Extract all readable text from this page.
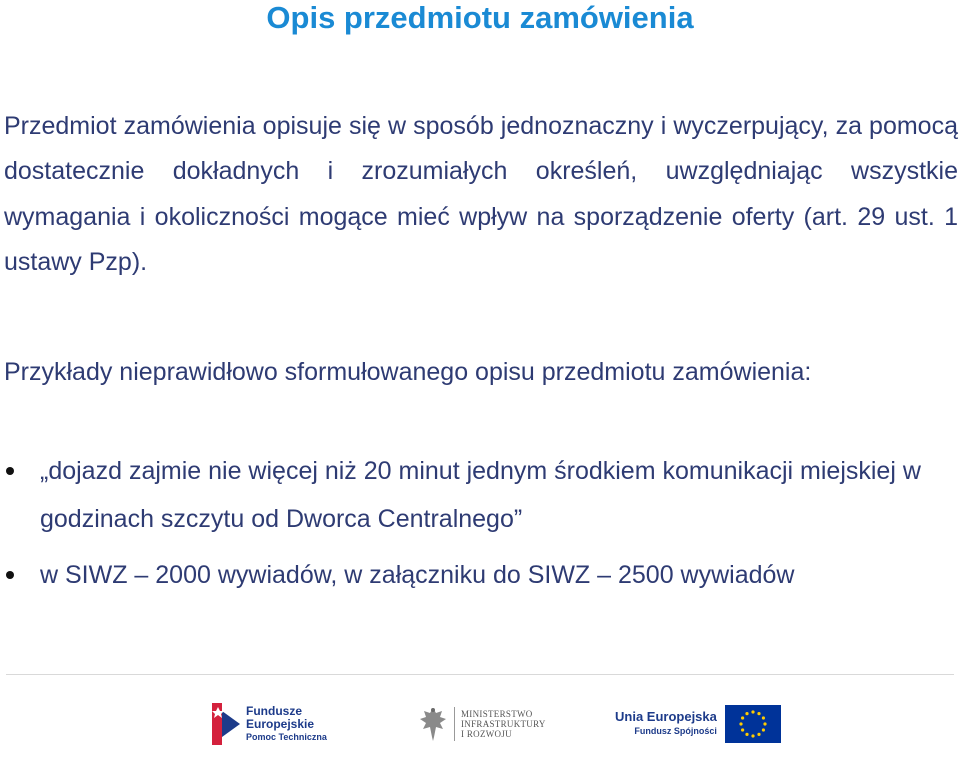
Opis przedmiotu zamówienia
Przedmiot zamówienia opisuje się w sposób jednoznaczny i wyczerpujący, za pomocą dostatecznie dokładnych i zrozumiałych określeń, uwzględniając wszystkie wymagania i okoliczności mogące mieć wpływ na sporządzenie oferty (art. 29 ust. 1 ustawy Pzp).
Przykłady nieprawidłowo sformułowanego opisu przedmiotu zamówienia:
„dojazd zajmie nie więcej niż 20 minut jednym środkiem komunikacji miejskiej w godzinach szczytu od Dworca Centralnego”
w SIWZ – 2000 wywiadów, w załączniku do SIWZ – 2500 wywiadów
Fundusze
Europejskie
Pomoc Techniczna
MINISTERSTWO
INFRASTRUKTURY
I ROZWOJU
Unia Europejska
Fundusz Spójności
